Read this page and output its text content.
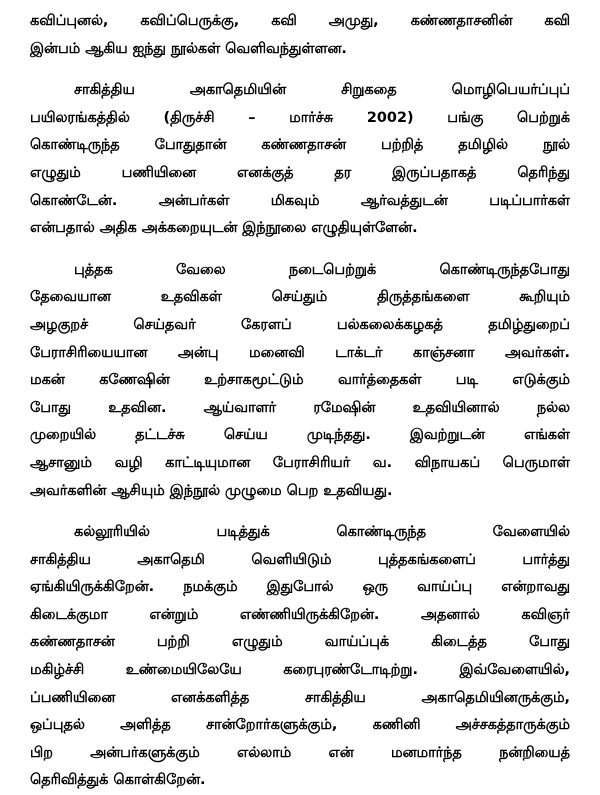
கவிப்புனல், கவிப்பெருக்கு, கவி அமுது, கண்ணதாசனின் கவி
இன்பம் ஆகிய ஐந்து நூல்கள் வெளிவந்துள்ளன.
சாகித்திய அகாதெமியின் சிறுகதை மொழிபெயர்ப்புப்
பயிலரங்கத்தில் (திருச்சி – மார்ச்சு 2002) பங்கு பெற்றுக்
கொண்டிருந்த போதுதான் கண்ணதாசன் பற்றித் தமிழில் நூல்
எழுதும் பணியினை எனக்குத் தர இருப்பதாகத் தெரிந்து
கொண்டேன். அன்பர்கள் மிகவும் ஆர்வத்துடன் படிப்பார்கள்
என்பதால் அதிக அக்கறையுடன் இந்நூலை எழுதியுள்ளேன்.
புத்தக வேலை நடைபெற்றுக் கொண்டிருந்தபோது
தேவையான உதவிகள் செய்தும் திருத்தங்களை கூறியும்
அழகுறச் செய்தவர் கேரளப் பல்கலைக்கழகத் தமிழ்துறைப்
பேராசிரியையான அன்பு மனைவி டாக்டர் காஞ்சனா அவர்கள்.
மகன் கணேஷின் உற்சாகமூட்டும் வார்த்தைகள் படி எடுக்கும்
போது உதவின. ஆய்வாளர் ரமேஷின் உதவியினால் நல்ல
முறையில் தட்டச்சு செய்ய முடிந்தது. இவற்றுடன் எங்கள்
ஆசானும் வழி காட்டியுமான பேராசிரியர் வ. விநாயகப் பெருமாள்
அவர்களின் ஆசியும் இந்நூல் முழுமை பெற உதவியது.
கல்லூரியில் படித்துக் கொண்டிருந்த வேளையில்
சாகித்திய அகாதெமி வெளியிடும் புத்தகங்களைப் பார்த்து
ஏங்கியிருக்கிறேன். நமக்கும் இதுபோல் ஒரு வாய்ப்பு என்றாவது
கிடைக்குமா என்றும் எண்ணியிருக்கிறேன். அதனால் கவிஞர்
கண்ணதாசன் பற்றி எழுதும் வாய்ப்புக் கிடைத்த போது
மகிழ்ச்சி உண்மையிலேயே கரைபுரண்டோடிற்று. இவ்வேளையில்,
ப்பணியினை எனக்களித்த சாகித்திய அகாதெமியினருக்கும்,
ஒப்புதல் அளித்த சான்றோர்களுக்கும், கணினி அச்சகத்தாருக்கும்
பிற அன்பர்களுக்கும் எல்லாம் என் மனமார்ந்த நன்றியைத்
தெரிவித்துக் கொள்கிறேன்.
